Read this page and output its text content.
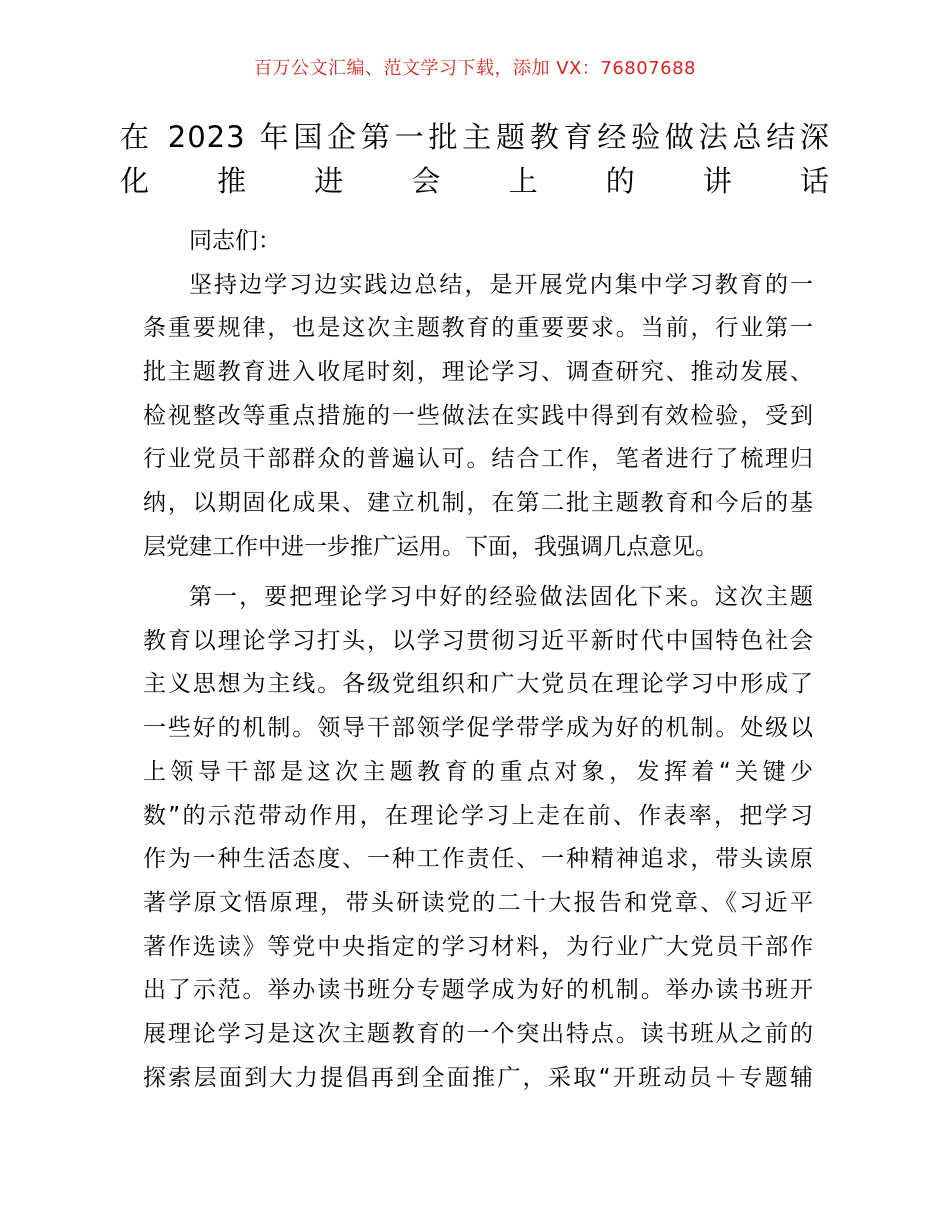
百万公文汇编、范文学习下载，添加 VX：76807688
在 2023 年国企第一批主题教育经验做法总结深
化推进会上的讲话
同志们：
坚持边学习边实践边总结，是开展党内集中学习教育的一
条重要规律，也是这次主题教育的重要要求。当前，行业第一
批主题教育进入收尾时刻，理论学习、调查研究、推动发展、
检视整改等重点措施的一些做法在实践中得到有效检验，受到
行业党员干部群众的普遍认可。结合工作，笔者进行了梳理归
纳，以期固化成果、建立机制，在第二批主题教育和今后的基
层党建工作中进一步推广运用。下面，我强调几点意见。
第一，要把理论学习中好的经验做法固化下来。这次主题
教育以理论学习打头，以学习贯彻习近平新时代中国特色社会
主义思想为主线。各级党组织和广大党员在理论学习中形成了
一些好的机制。领导干部领学促学带学成为好的机制。处级以
上领导干部是这次主题教育的重点对象，发挥着“关键少
数”的示范带动作用，在理论学习上走在前、作表率，把学习
作为一种生活态度、一种工作责任、一种精神追求，带头读原
著学原文悟原理，带头研读党的二十大报告和党章、《习近平
著作选读》等党中央指定的学习材料，为行业广大党员干部作
出了示范。举办读书班分专题学成为好的机制。举办读书班开
展理论学习是这次主题教育的一个突出特点。读书班从之前的
探索层面到大力提倡再到全面推广，采取“开班动员＋专题辅
